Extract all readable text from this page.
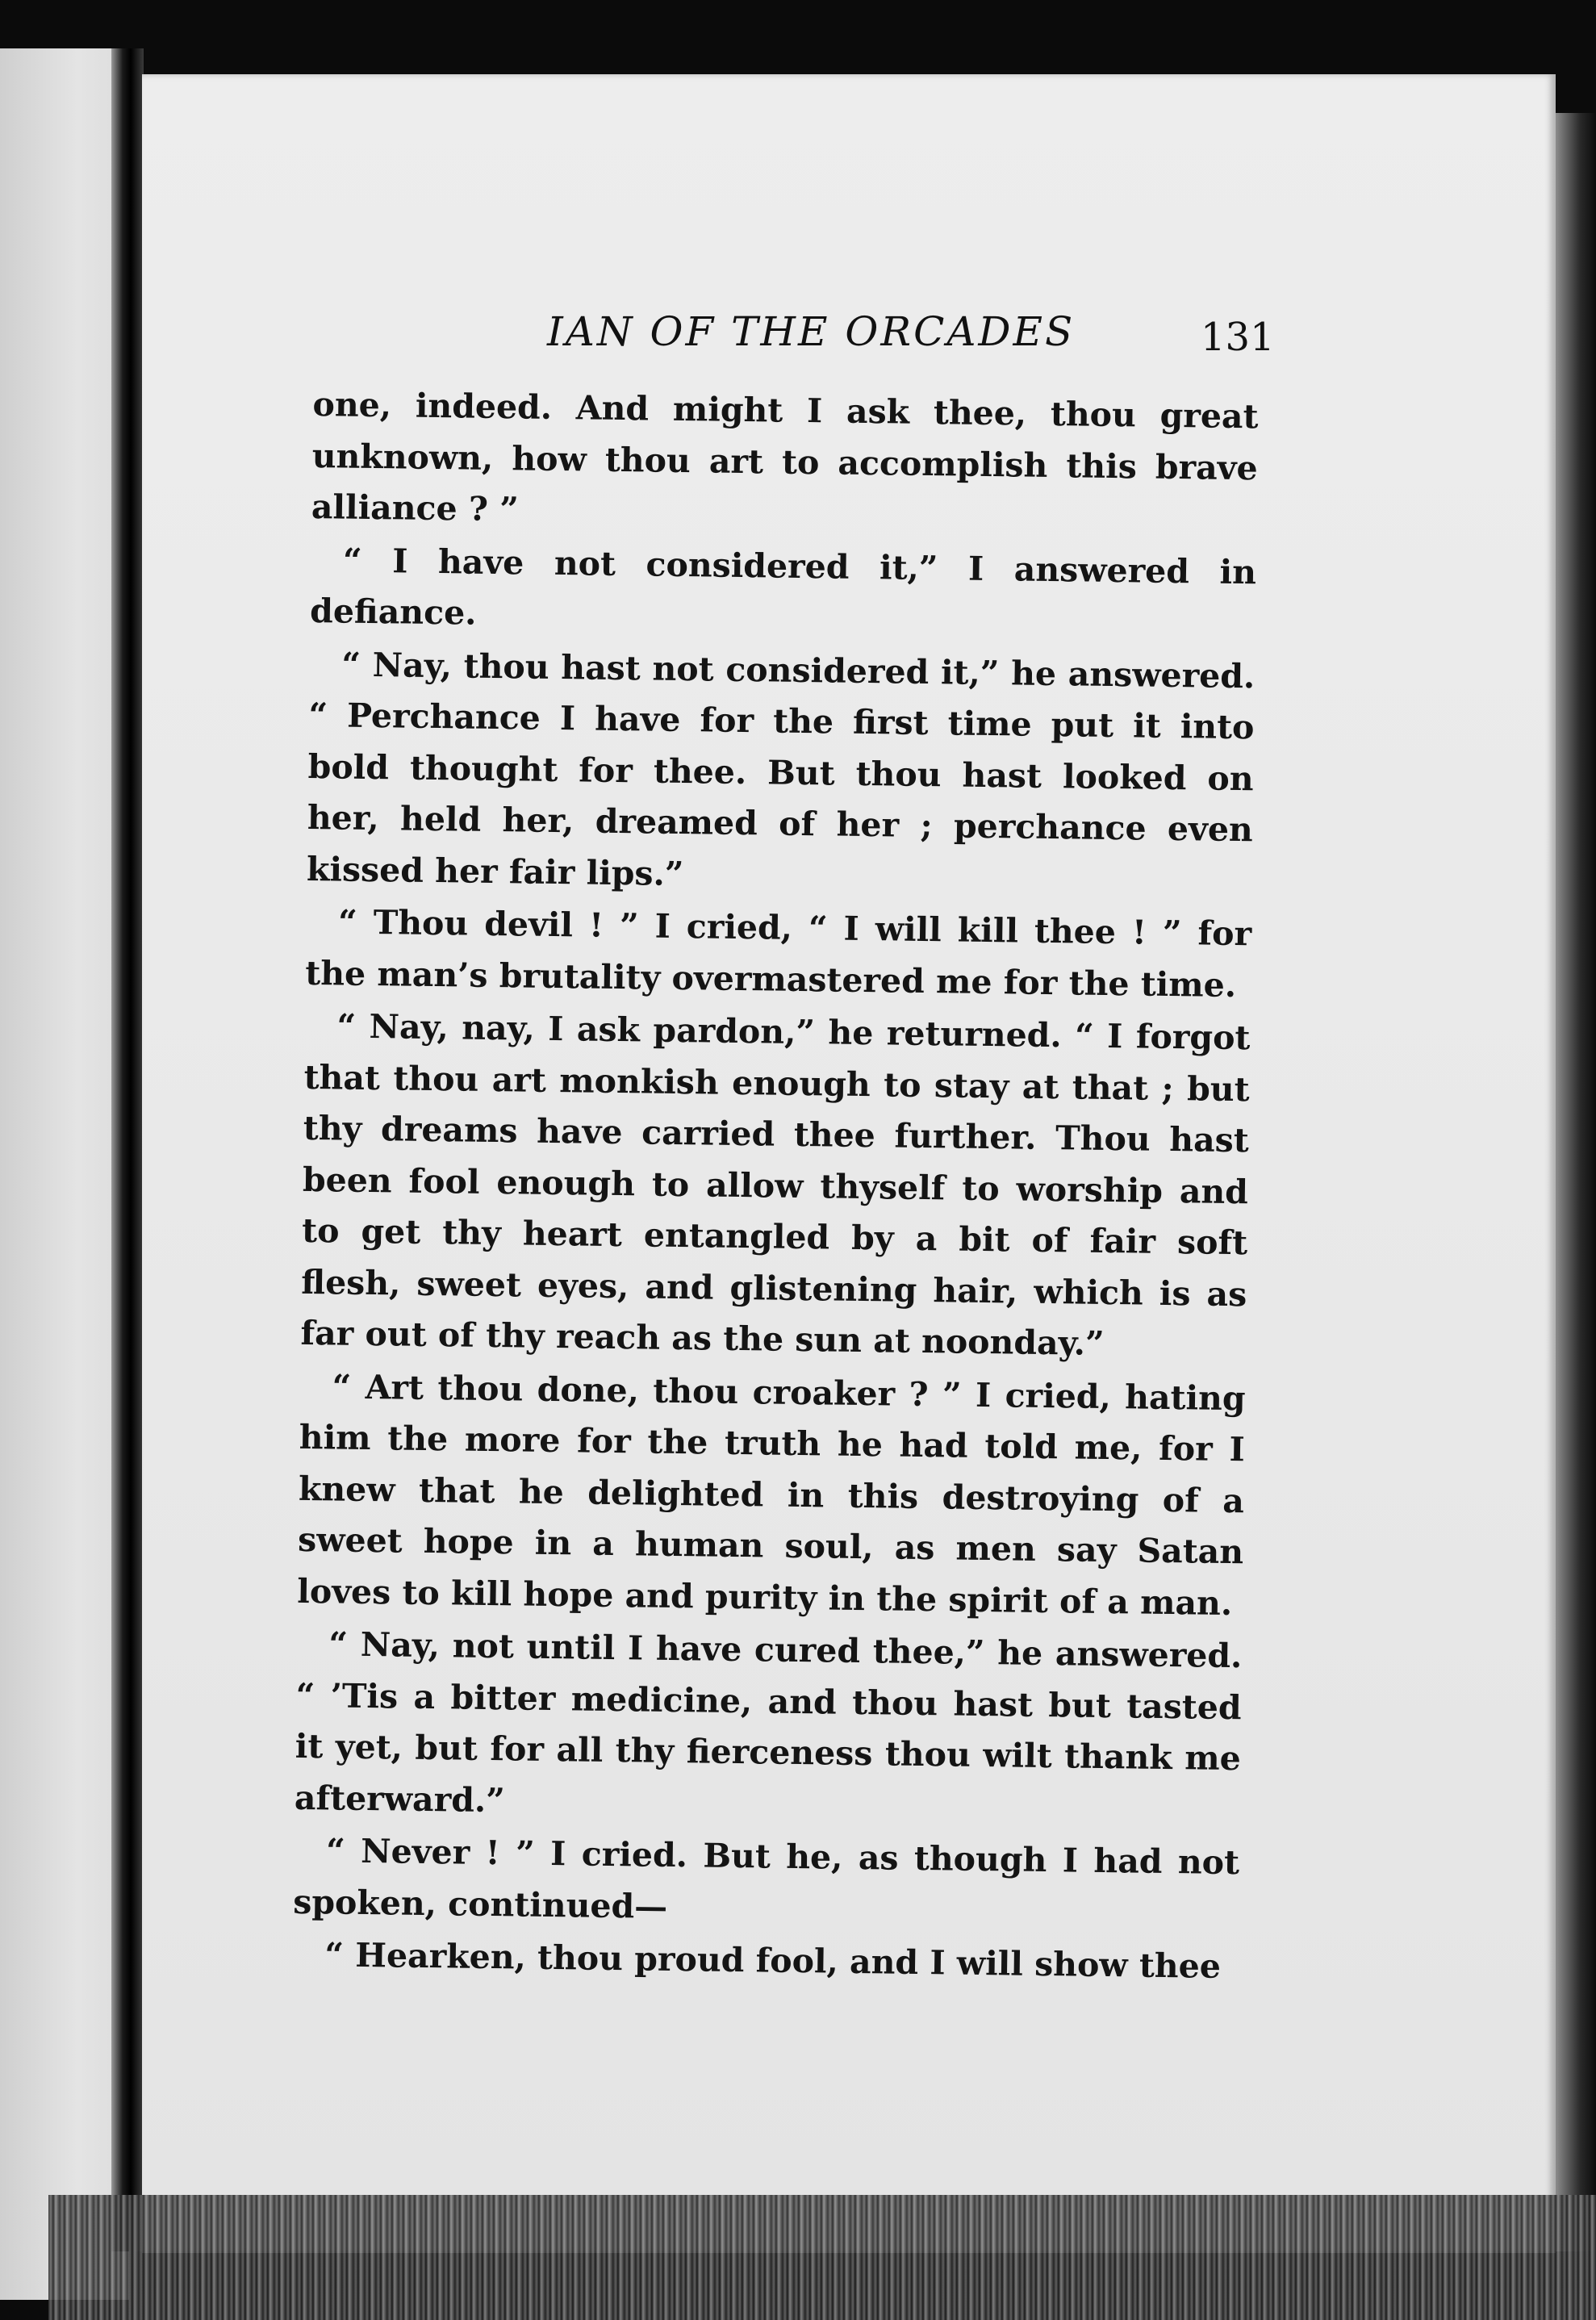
IAN OF THE ORCADES	131

one, indeed. And might I ask thee, thou great unknown, how thou art to accomplish this brave alliance ? ”

“ I have not considered it,” I answered in defiance.

“ Nay, thou hast not considered it,” he answered. “ Perchance I have for the first time put it into bold thought for thee. But thou hast looked on her, held her, dreamed of her ; perchance even kissed her fair lips.”

“ Thou devil ! ” I cried, “ I will kill thee ! ” for the man’s brutality overmastered me for the time.

“ Nay, nay, I ask pardon,” he returned. “ I forgot that thou art monkish enough to stay at that ; but thy dreams have carried thee further. Thou hast been fool enough to allow thyself to worship and to get thy heart entangled by a bit of fair soft flesh, sweet eyes, and glistening hair, which is as far out of thy reach as the sun at noonday.”

“ Art thou done, thou croaker ? ” I cried, hating him the more for the truth he had told me, for I knew that he delighted in this destroying of a sweet hope in a human soul, as men say Satan loves to kill hope and purity in the spirit of a man.

“ Nay, not until I have cured thee,” he answered. “ ’Tis a bitter medicine, and thou hast but tasted it yet, but for all thy fierceness thou wilt thank me afterward.”

“ Never ! ” I cried. But he, as though I had not spoken, continued—

“ Hearken, thou proud fool, and I will show thee
